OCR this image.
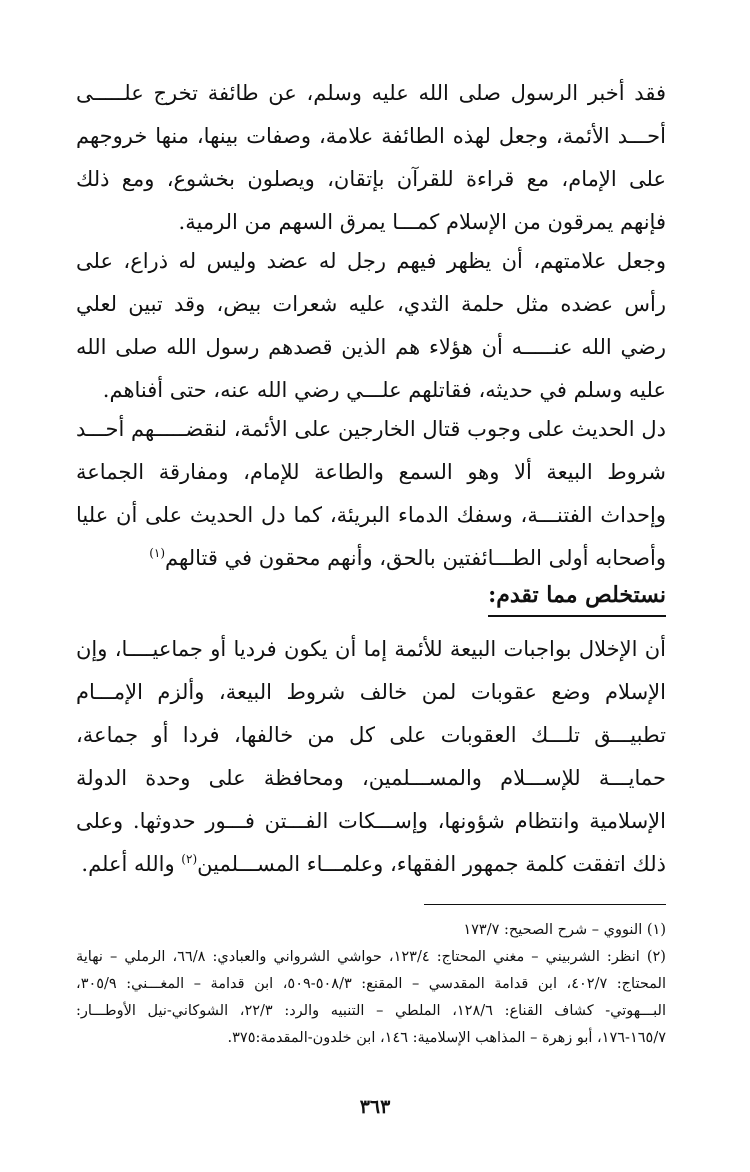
فقد أخبر الرسول صلى الله عليه وسلم، عن طائفة تخرج علـــــى أحـــد الأئمة، وجعل لهذه الطائفة علامة، وصفات بينها، منها خروجهم على الإمام، مع قراءة للقرآن بإتقان، ويصلون بخشوع، ومع ذلك فإنهم يمرقون من الإسلام كمـــا يمرق السهم من الرمية.

وجعل علامتهم، أن يظهر فيهم رجل له عضد وليس له ذراع، على رأس عضده مثل حلمة الثدي، عليه شعرات بيض، وقد تبين لعلي رضي الله عنـــــه أن هؤلاء هم الذين قصدهم رسول الله صلى الله عليه وسلم في حديثه، فقاتلهم علـــي رضي الله عنه، حتى أفناهم.

دل الحديث على وجوب قتال الخارجين على الأئمة، لنقضـــــهم أحـــد شروط البيعة ألا وهو السمع والطاعة للإمام، ومفارقة الجماعة وإحداث الفتنـــة، وسفك الدماء البريئة، كما دل الحديث على أن عليا وأصحابه أولى الطـــائفتين بالحق، وأنهم محقون في قتالهم$^{(١)}$

نستخلص مما تقدم:

أن الإخلال بواجبات البيعة للأئمة إما أن يكون فرديا أو جماعيــــا، وإن الإسلام وضع عقوبات لمن خالف شروط البيعة، وألزم الإمـــام تطبيـــق تلـــك العقوبات على كل من خالفها، فردا أو جماعة، حمايـــة للإســـلام والمســـلمين، ومحافظة على وحدة الدولة الإسلامية وانتظام شؤونها، وإســـكات الفـــتن فـــور حدوثها. وعلى ذلك اتفقت كلمة جمهور الفقهاء، وعلمـــاء المســـلمين$^{(٢)}$ والله أعلم.

(١) النووي – شرح الصحيح: ١٧٣/٧
(٢) انظر: الشربيني – مغني المحتاج: ١٢٣/٤، حواشي الشرواني والعبادي: ٦٦/٨، الرملي – نهاية المحتاج: ٤٠٢/٧، ابن قدامة المقدسي – المقنع: ٥٠٨/٣-٥٠٩، ابن قدامة – المغـــني: ٣٠٥/٩، البـــهوتي- كشاف القناع: ١٢٨/٦، الملطي – التنبيه والرد: ٢٢/٣، الشوكاني-نيل الأوطـــار: ١٦٥/٧-١٧٦، أبو زهرة – المذاهب الإسلامية: ١٤٦، ابن خلدون-المقدمة:٣٧٥.
٣٦٣
